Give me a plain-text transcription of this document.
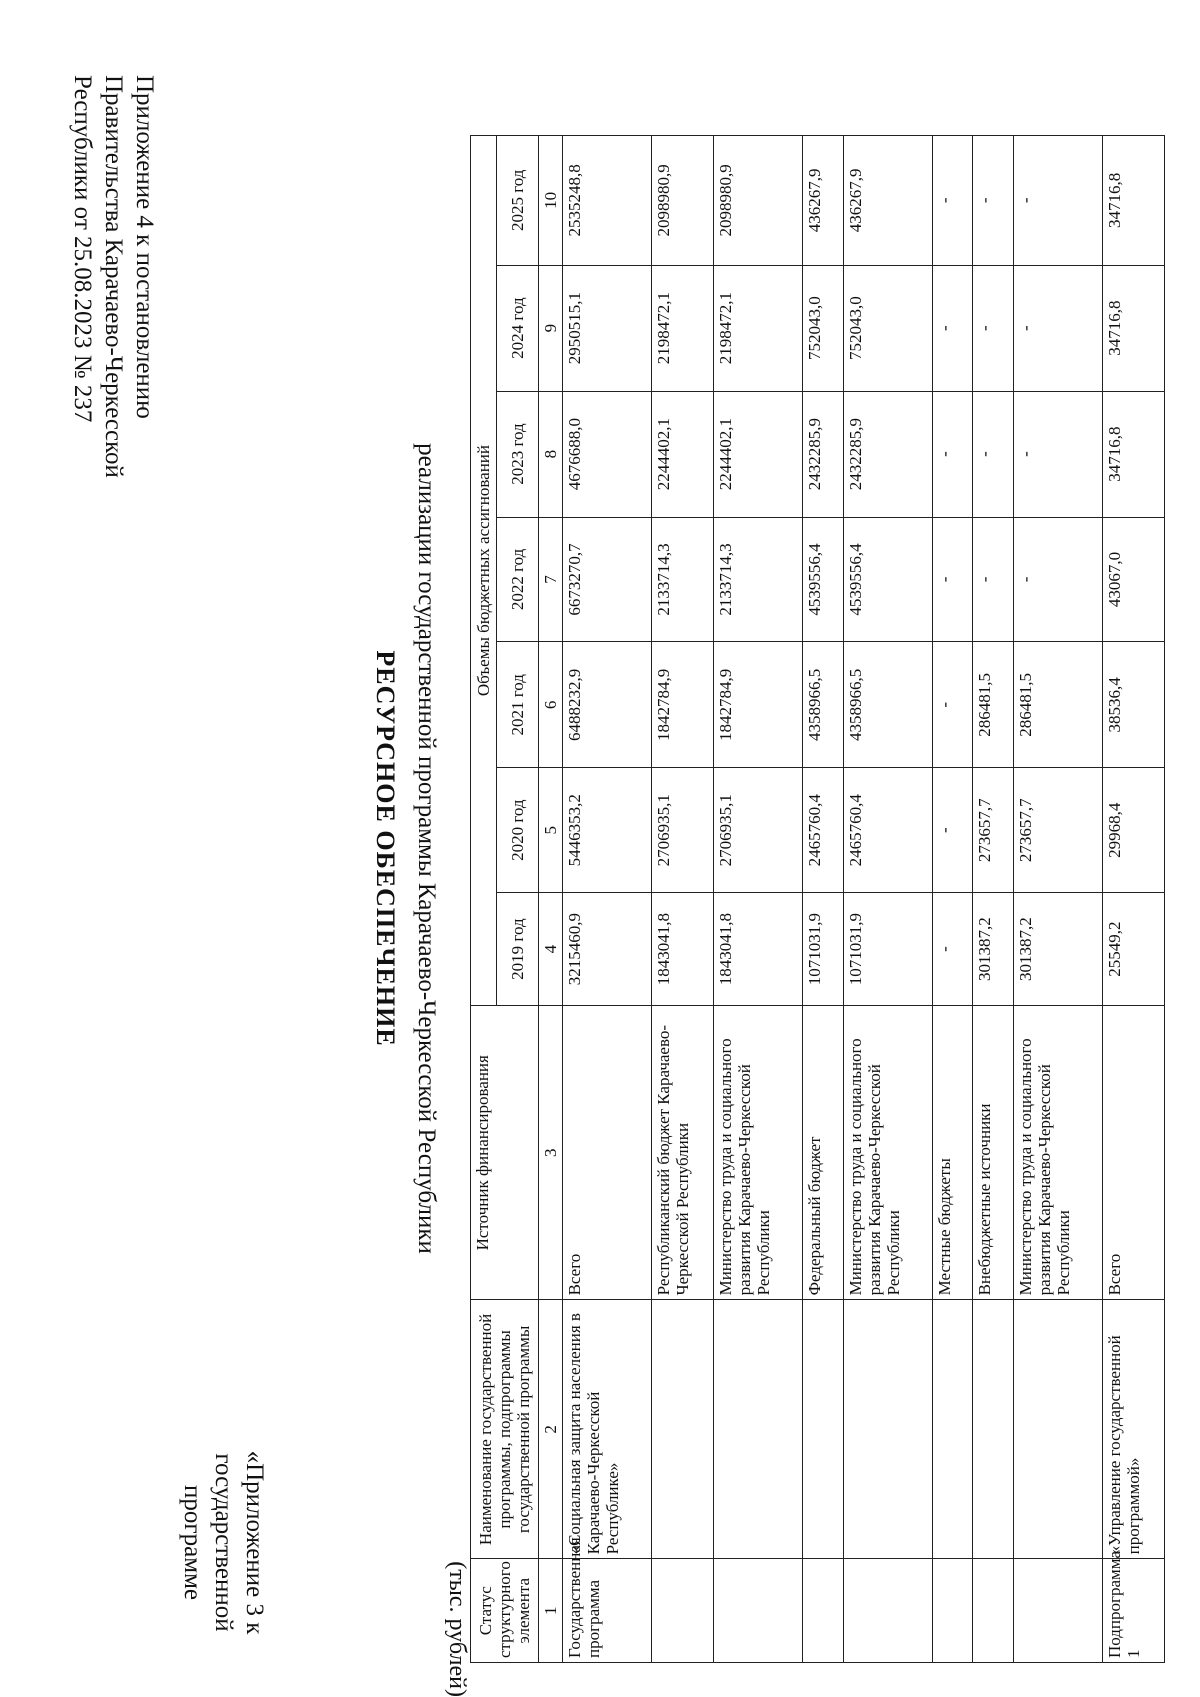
Приложение 4 к постановлению
Правительства Карачаево-Черкесской
Республики от 25.08.2023 № 237
«Приложение 3 к
государственной программе
РЕСУРСНОЕ ОБЕСПЕЧЕНИЕ реализации государственной программы Карачаево-Черкесской Республики
(тыс. рублей) Статус структурного элемента	Наименование государственной программы, подпрограммы государственной программы	Источник финансирования	Объемы бюджетных ассигнований						
			2019 год	2020 год	2021 год	2022 год	2023 год	2024 год	2025 год
1	2	3	4	5	6	7	8	9	10
Государственная программа	«Социальная защита населения в Карачаево-Черкесской Республике»	Всего	3215460,9	5446353,2	6488232,9	6673270,7	4676688,0	2950515,1	2535248,8
		Республиканский бюджет Карачаево-Черкесской Республики	1843041,8	2706935,1	1842784,9	2133714,3	2244402,1	2198472,1	2098980,9
		Министерство труда и социального развития Карачаево-Черкесской Республики	1843041,8	2706935,1	1842784,9	2133714,3	2244402,1	2198472,1	2098980,9
		Федеральный бюджет	1071031,9	2465760,4	4358966,5	4539556,4	2432285,9	752043,0	436267,9
		Министерство труда и социального развития Карачаево-Черкесской Республики	1071031,9	2465760,4	4358966,5	4539556,4	2432285,9	752043,0	436267,9
		Местные бюджеты	-	-	-	-	-	-	-
		Внебюджетные источники	301387,2	273657,7	286481,5	-	-	-	-
		Министерство труда и социального развития Карачаево-Черкесской Республики	301387,2	273657,7	286481,5	-	-	-	-
Подпрограмма 1	«Управление государственной программой»	Всего	25549,2	29968,4	38536,4	43067,0	34716,8	34716,8	34716,8
